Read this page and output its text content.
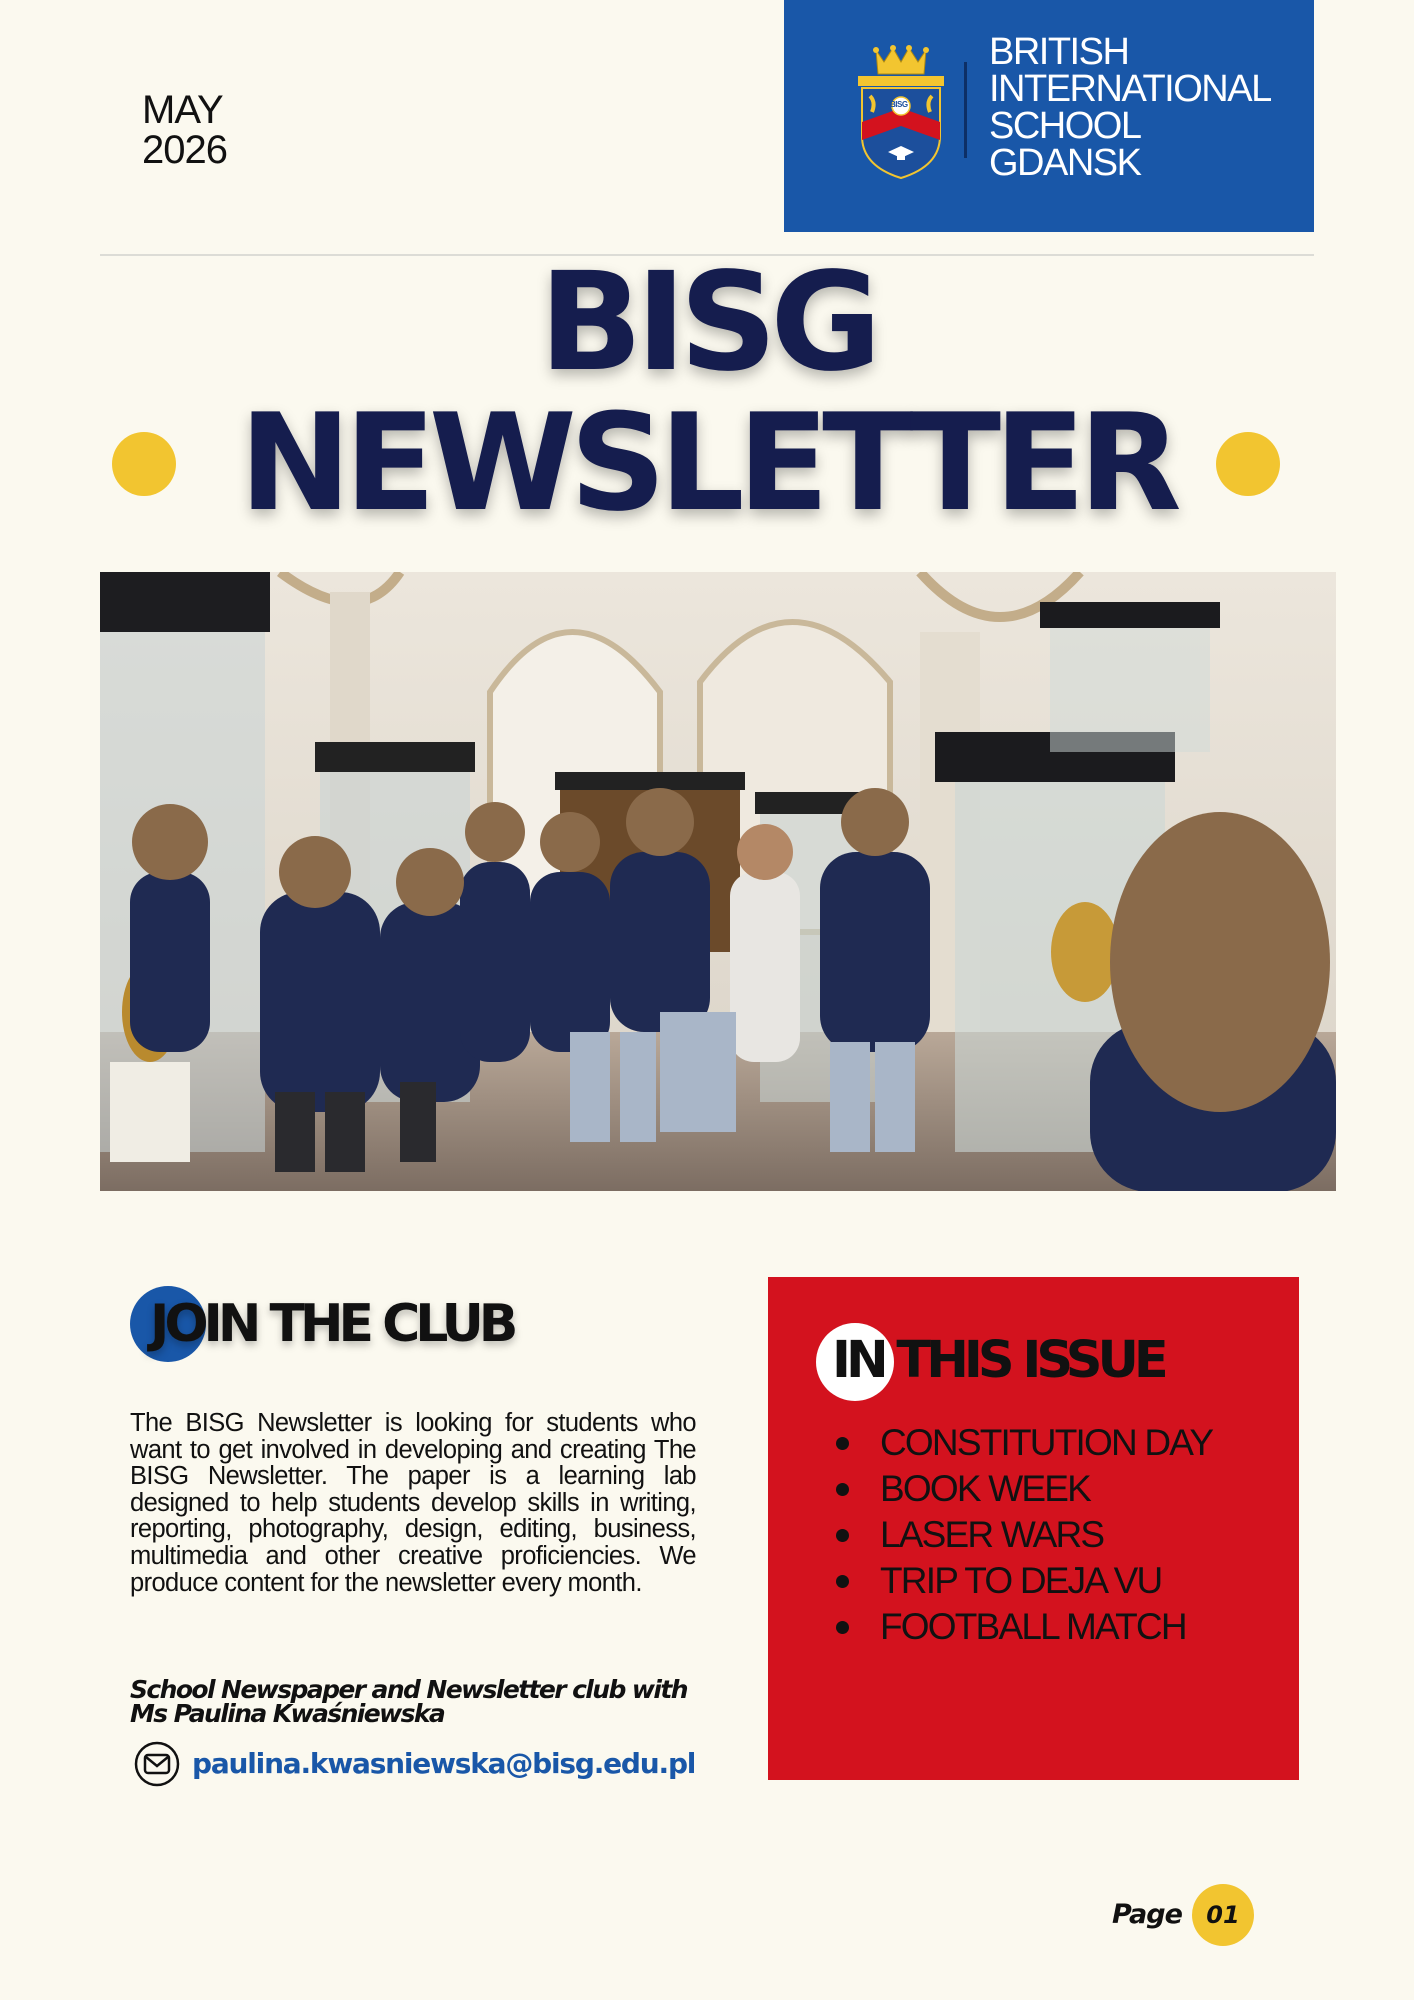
MAY
2026
BISG
BRITISH
INTERNATIONAL
SCHOOL
GDANSK
BISG
NEWSLETTER
JOIN THE CLUB
The BISG Newsletter is looking for students who want to get involved in developing and creating The BISG Newsletter. The paper is a learning lab designed to help students develop skills in writing, reporting, photography, design, editing, business, multimedia and other creative proficiencies. We produce content for the newsletter every month.
School Newspaper and Newsletter club with
Ms Paulina Kwaśniewska
paulina.kwasniewska@bisg.edu.pl
IN THIS ISSUE
CONSTITUTION DAY
BOOK WEEK
LASER WARS
TRIP TO DEJA VU
FOOTBALL MATCH
Page	01
